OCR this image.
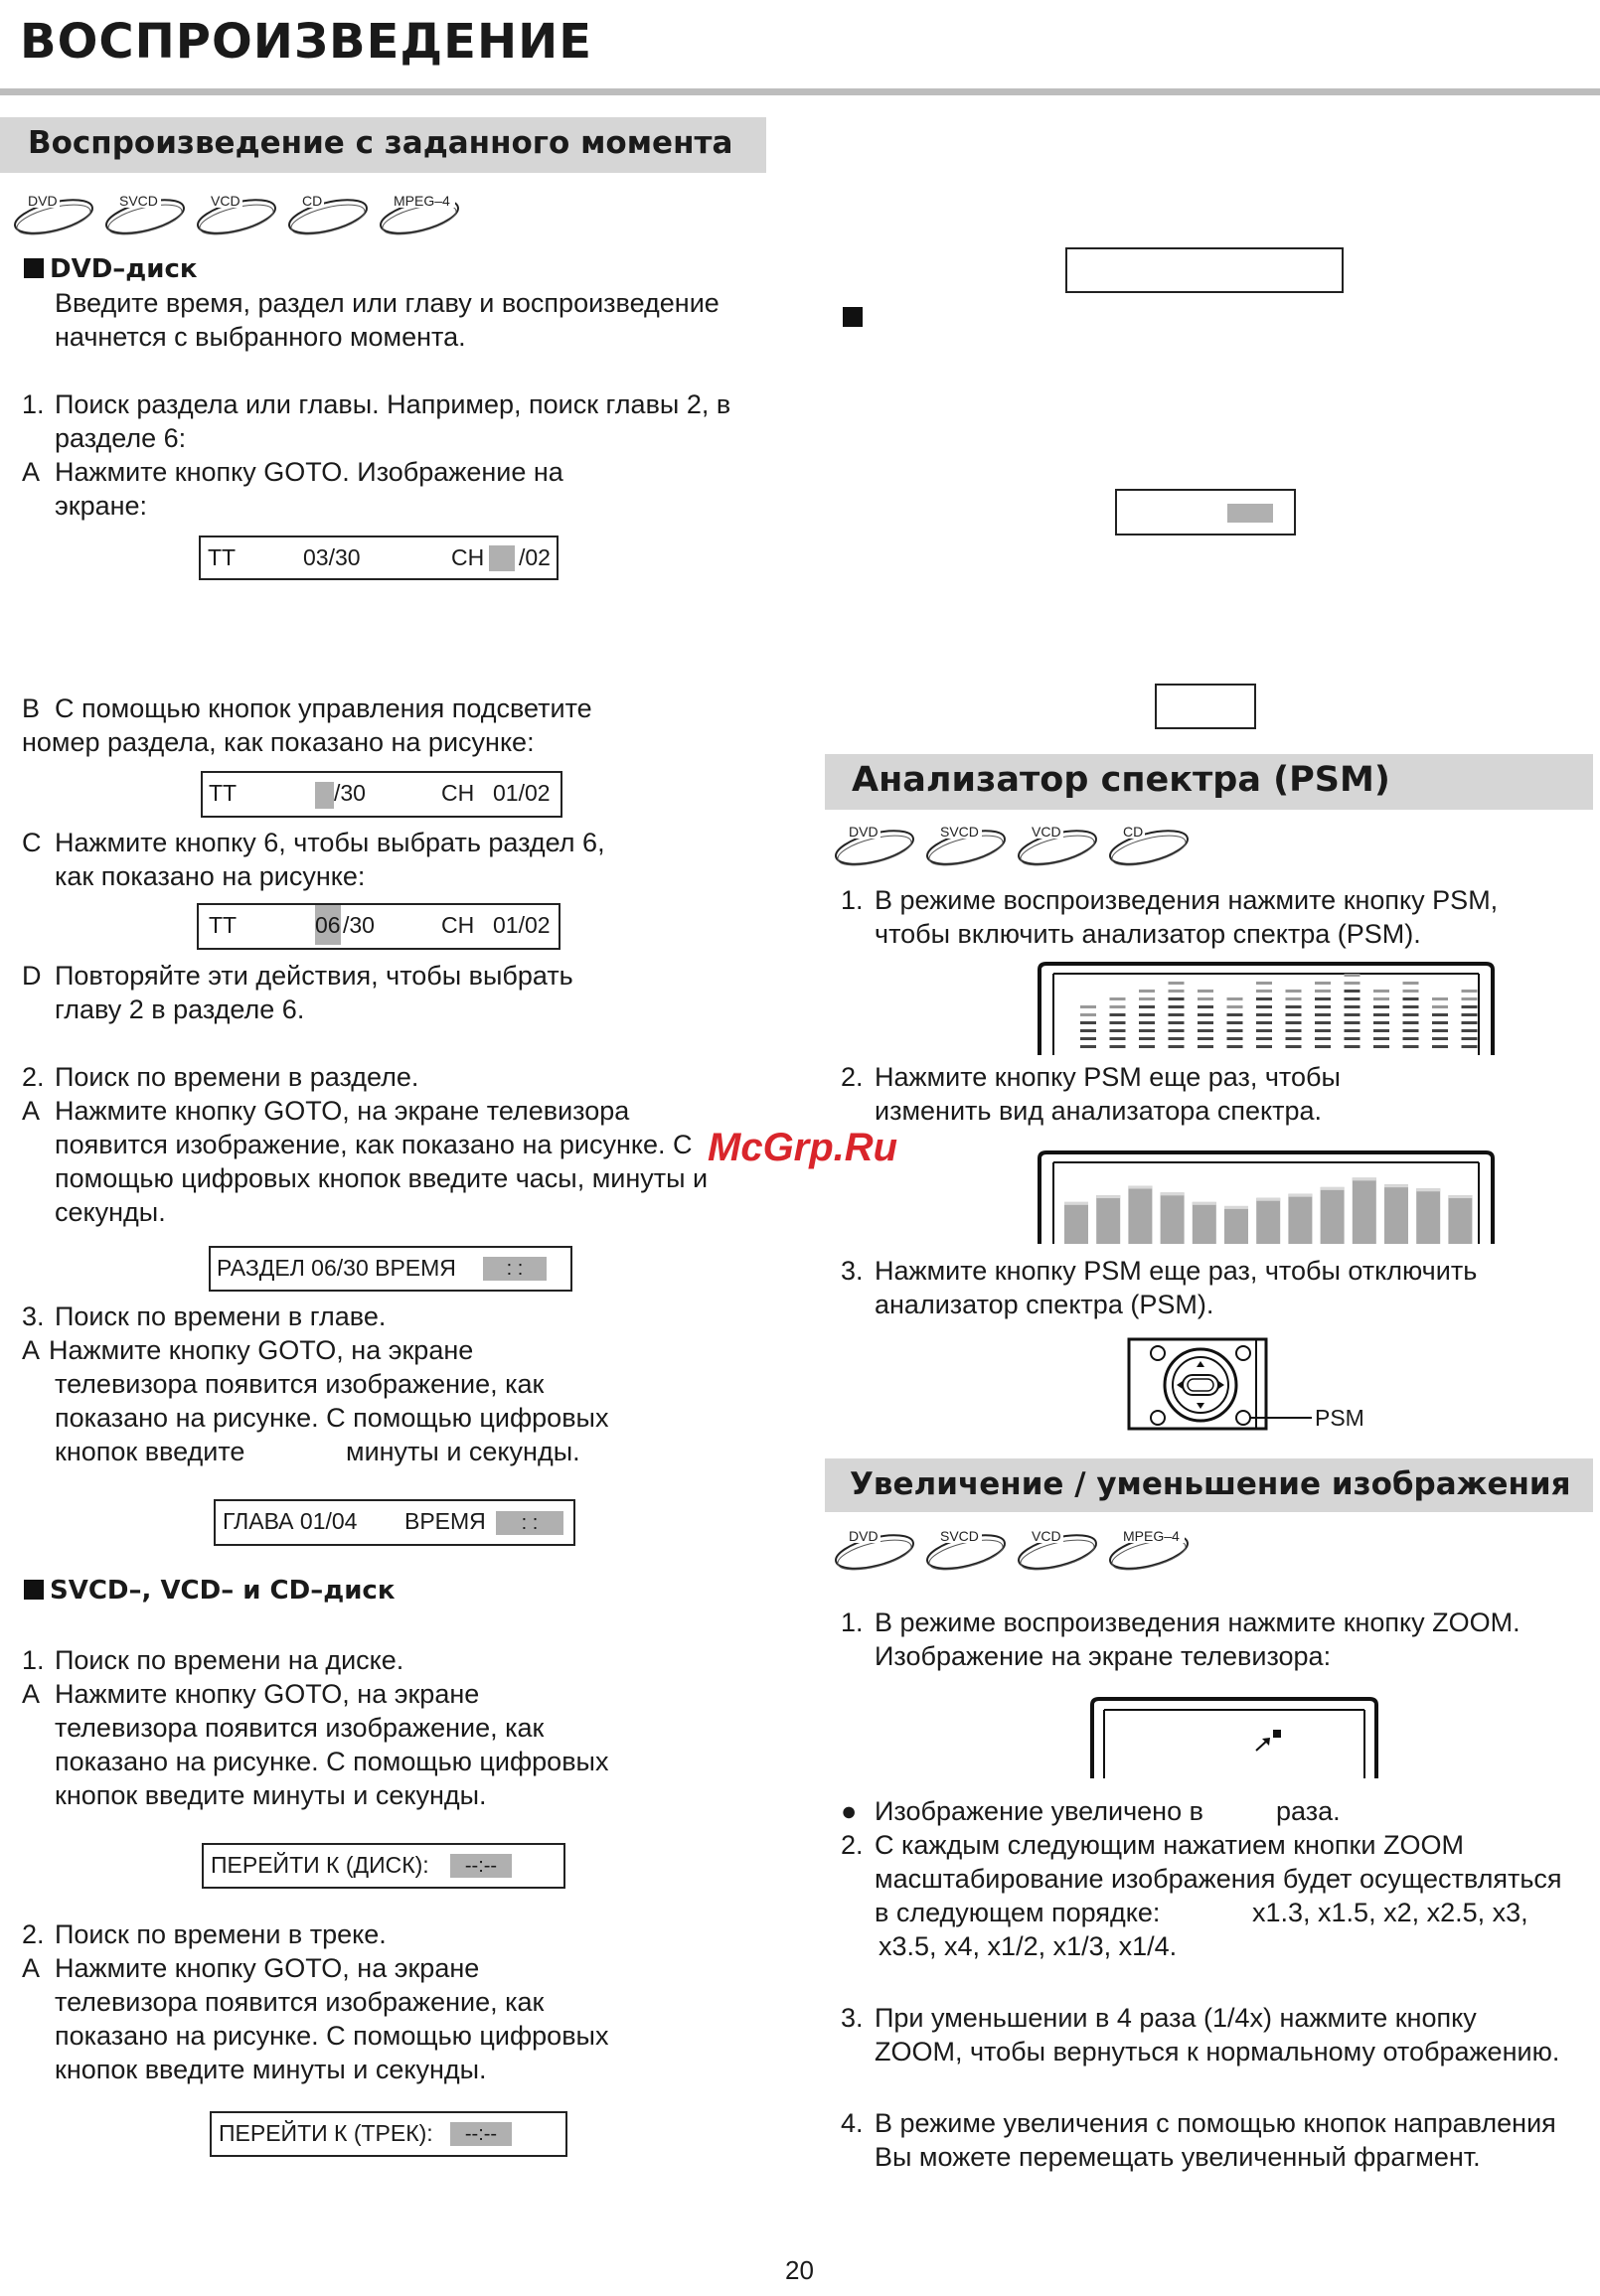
ВОСПРОИЗВЕДЕНИЕ
Воспроизведение с заданного момента
DVD	SVCD	VCD	CD	MPEG–4
DVD–диск
Введите время, раздел или главу и воспроизведение
начнется с выбранного момента.
1. Поиск раздела или главы. Например, поиск главы 2, в
разделе 6:
А Нажмите кнопку GOTO. Изображение на
экране:
ТТ	03/30	CH /02
В С помощью кнопок управления подсветите
номер раздела, как показано на рисунке:
ТТ	/30	CH 01/02
С Нажмите кнопку 6, чтобы выбрать раздел 6,
как показано на рисунке:
ТТ	06 /30	CH 01/02
D Повторяйте эти действия, чтобы выбрать
главу 2 в разделе 6.
2. Поиск по времени в разделе.
А Нажмите кнопку GOTO, на экране телевизора
появится изображение, как показано на рисунке. С
помощью цифровых кнопок введите часы, минуты и
секунды.
РАЗДЕЛ 06/30 ВРЕМЯ	: :
3. Поиск по времени в главе.
А Нажмите кнопку GOTO, на экране
телевизора появится изображение, как
показано на рисунке. С помощью цифровых
кнопок введите	минуты и секунды.
ГЛАВА 01/04 ВРЕМЯ	: :
SVCD–, VCD– и CD–диск
1. Поиск по времени на диске.
А Нажмите кнопку GOTO, на экране
телевизора появится изображение, как
показано на рисунке. С помощью цифровых
кнопок введите минуты и секунды.
ПЕРЕЙТИ К (ДИСК):	--:--
2. Поиск по времени в треке.
А Нажмите кнопку GOTO, на экране
телевизора появится изображение, как
показано на рисунке. С помощью цифровых
кнопок введите минуты и секунды.
ПЕРЕЙТИ К (ТРЕК):	--:--
Анализатор спектра (PSM)
DVD	SVCD	VCD	CD
1. В режиме воспроизведения нажмите кнопку PSM,
чтобы включить анализатор спектра (PSM).
2. Нажмите кнопку PSM еще раз, чтобы
изменить вид анализатора спектра.
3. Нажмите кнопку PSM еще раз, чтобы отключить
анализатор спектра (PSM).
PSM
Увеличение / уменьшение изображения
DVD	SVCD	VCD	MPEG–4
1. В режиме воспроизведения нажмите кнопку ZOOM.
Изображение на экране телевизора:
● Изображение увеличено в	раза.
2. С каждым следующим нажатием кнопки ZOOM
масштабирование изображения будет осуществляться
в следующем порядке:	x1.3, x1.5, x2, x2.5, x3,
x3.5, x4, x1/2, x1/3, x1/4.
3. При уменьшении в 4 раза (1/4x) нажмите кнопку
ZOOM, чтобы вернуться к нормальному отображению.
4. В режиме увеличения с помощью кнопок направления
Вы можете перемещать увеличенный фрагмент.
McGrp.Ru
20
